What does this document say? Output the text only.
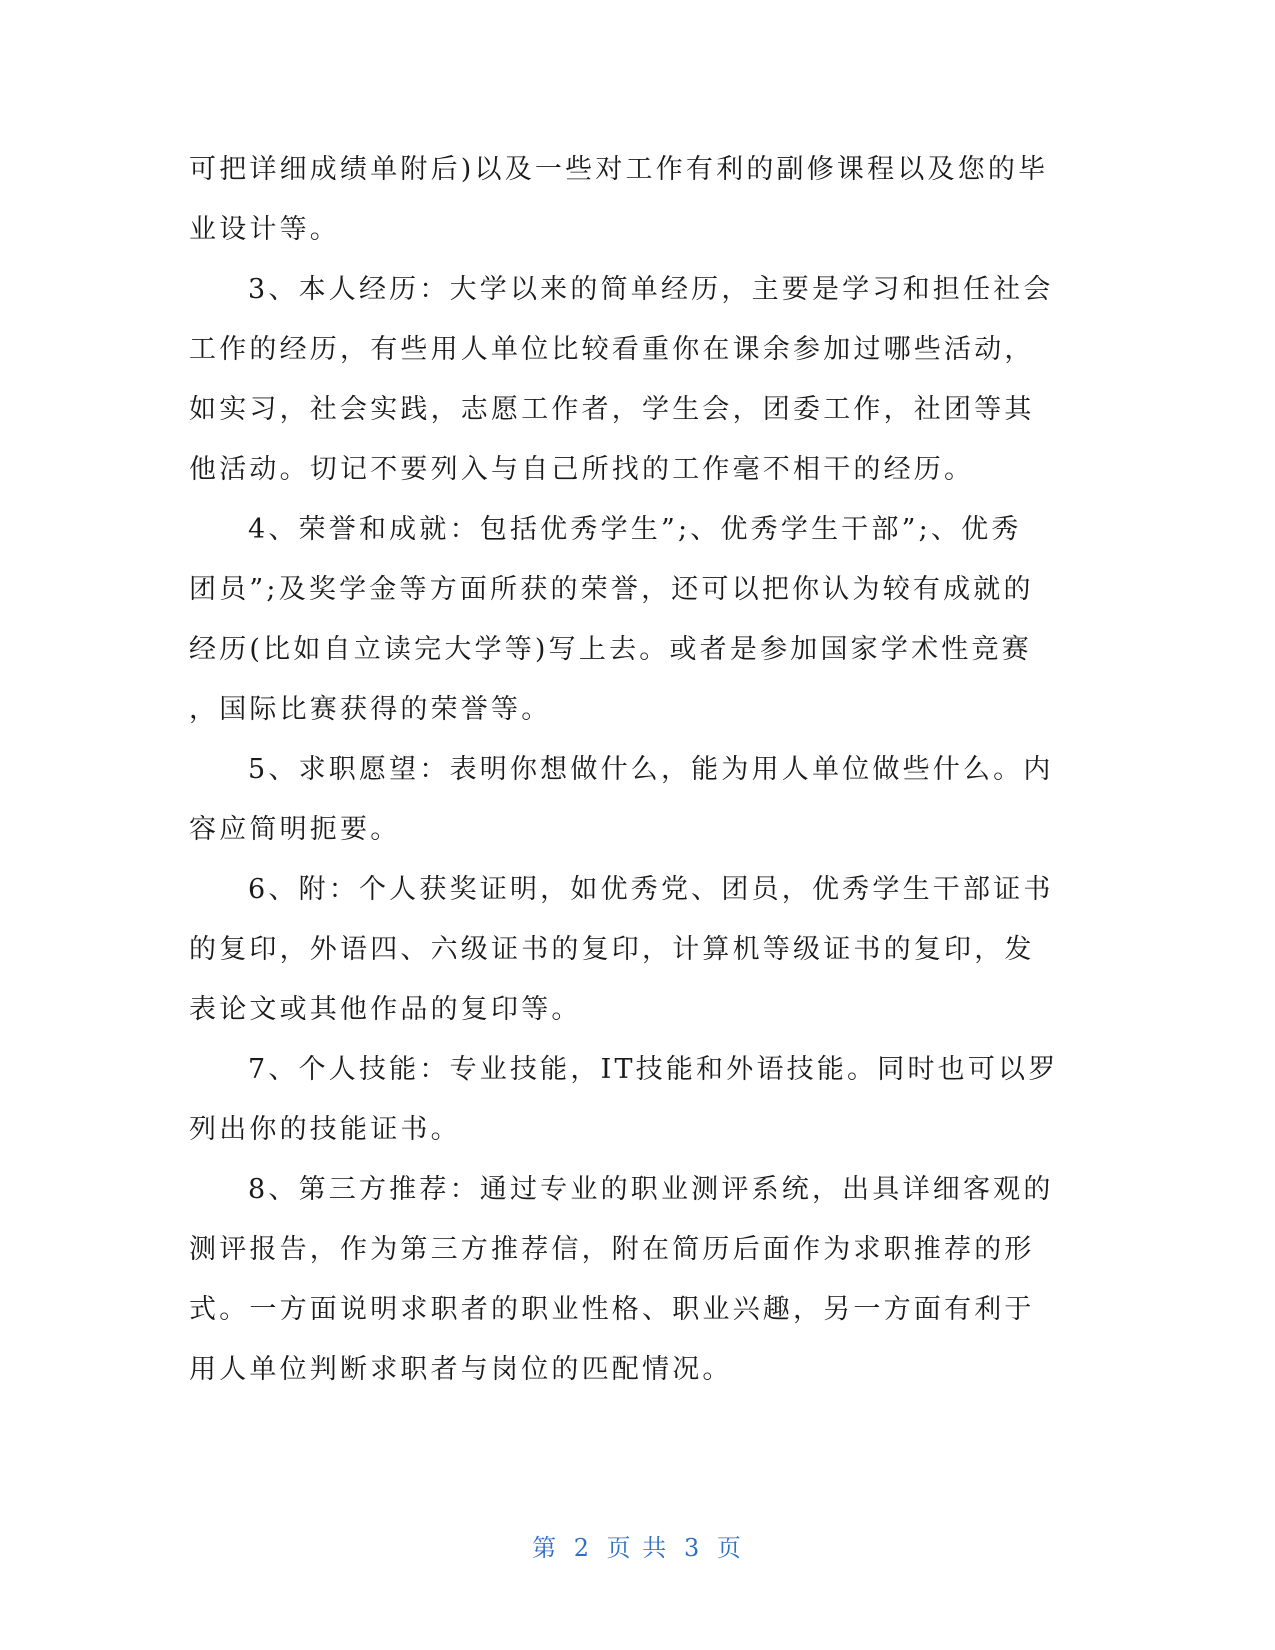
可把详细成绩单附后)以及一些对工作有利的副修课程以及您的毕
业设计等。
3、本人经历：大学以来的简单经历，主要是学习和担任社会
工作的经历，有些用人单位比较看重你在课余参加过哪些活动，
如实习，社会实践，志愿工作者，学生会，团委工作，社团等其
他活动。切记不要列入与自己所找的工作毫不相干的经历。
4、荣誉和成就：包括优秀学生”;、优秀学生干部”;、优秀
团员”;及奖学金等方面所获的荣誉，还可以把你认为较有成就的
经历(比如自立读完大学等)写上去。或者是参加国家学术性竞赛
，国际比赛获得的荣誉等。
5、求职愿望：表明你想做什么，能为用人单位做些什么。内
容应简明扼要。
6、附：个人获奖证明，如优秀党、团员，优秀学生干部证书
的复印，外语四、六级证书的复印，计算机等级证书的复印，发
表论文或其他作品的复印等。
7、个人技能：专业技能，IT技能和外语技能。同时也可以罗
列出你的技能证书。
8、第三方推荐：通过专业的职业测评系统，出具详细客观的
测评报告，作为第三方推荐信，附在简历后面作为求职推荐的形
式。一方面说明求职者的职业性格、职业兴趣，另一方面有利于
用人单位判断求职者与岗位的匹配情况。
第 2 页 共 3 页
